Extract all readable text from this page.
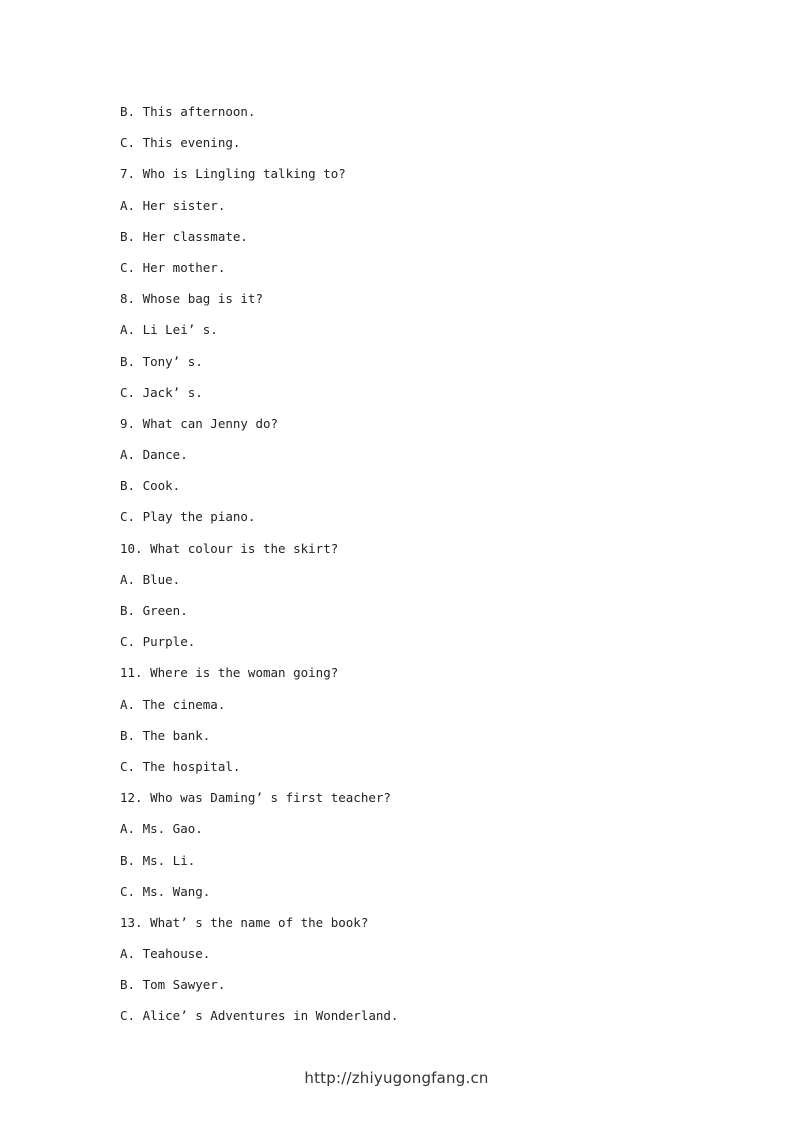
B. This afternoon.
C. This evening.
7. Who is Lingling talking to?
A. Her sister.
B. Her classmate.
C. Her mother.
8. Whose bag is it?
A. Li Lei’ s.
B. Tony’ s.
C. Jack’ s.
9. What can Jenny do?
A. Dance.
B. Cook.
C. Play the piano.
10. What colour is the skirt?
A. Blue.
B. Green.
C. Purple.
11. Where is the woman going?
A. The cinema.
B. The bank.
C. The hospital.
12. Who was Daming’ s first teacher?
A. Ms. Gao.
B. Ms. Li.
C. Ms. Wang.
13. What’ s the name of the book?
A. Teahouse.
B. Tom Sawyer.
C. Alice’ s Adventures in Wonderland.
http://zhiyugongfang.cn
